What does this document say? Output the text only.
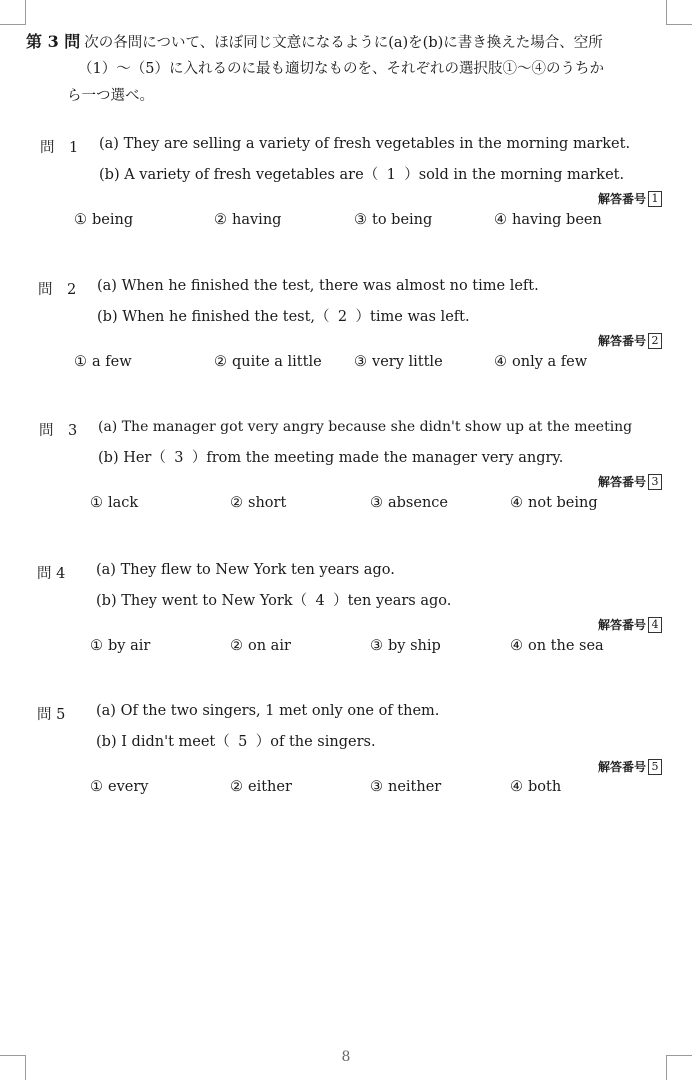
第 3 問 次の各問について、ほぼ同じ文意になるように(a)を(b)に書き換えた場合、空所
（1）～（5）に入れるのに最も適切なものを、それぞれの選択肢①～④のうちか
ら一つ選べ。
問　1 (a) They are selling a variety of fresh vegetables in the morning market.
(b) A variety of fresh vegetables are（ 1 ）sold in the morning market.
解答番号 1
① being	② having	③ to being	④ having been
問　2 (a) When he finished the test, there was almost no time left.
(b) When he finished the test,（ 2 ）time was left.
解答番号 2
① a few	② quite a little ③ very little	④ only a few
問　3 (a) The manager got very angry because she didn't show up at the meeting
(b) Her（ 3 ）from the meeting made the manager very angry.
解答番号 3
① lack	② short	③ absence	④ not being
問 4 (a) They flew to New York ten years ago.
(b) They went to New York（ 4 ）ten years ago.
解答番号 4
① by air	② on air	③ by ship	④ on the sea
問 5 (a) Of the two singers, 1 met only one of them.
(b) I didn't meet（ 5 ）of the singers.
解答番号 5
① every	② either	③ neither	④ both
8
